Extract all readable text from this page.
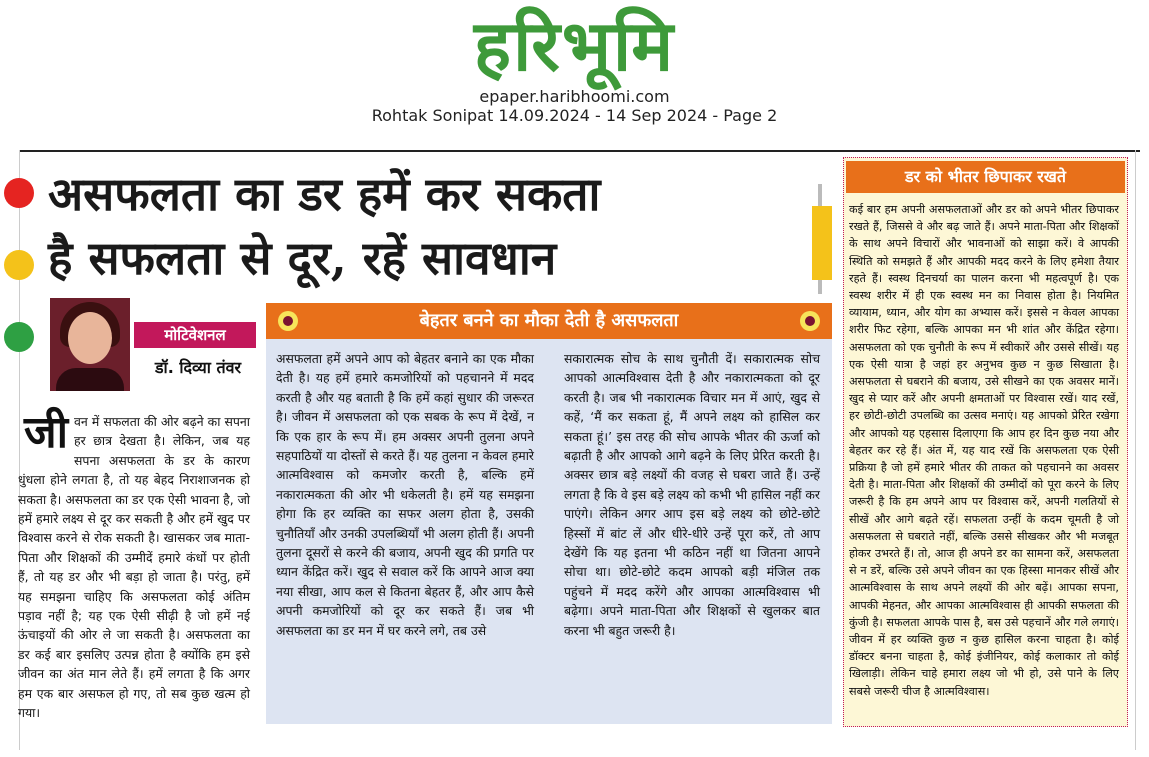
हरिभूमि
epaper.haribhoomi.com
Rohtak Sonipat 14.09.2024 - 14 Sep 2024 - Page 2
असफलता का डर हमें कर सकता
है सफलता से दूर, रहें सावधान
मोटिवेशनल
डॉ. दिव्या तंवर
जीवन में सफलता की ओर बढ़ने का सपना हर छात्र देखता है। लेकिन, जब यह सपना असफलता के डर के कारण धुंधला होने लगता है, तो यह बेहद निराशाजनक हो सकता है। असफलता का डर एक ऐसी भावना है, जो हमें हमारे लक्ष्य से दूर कर सकती है और हमें खुद पर विश्वास करने से रोक सकती है। खासकर जब माता-पिता और शिक्षकों की उम्मीदें हमारे कंधों पर होती हैं, तो यह डर और भी बड़ा हो जाता है। परंतु, हमें यह समझना चाहिए कि असफलता कोई अंतिम पड़ाव नहीं है; यह एक ऐसी सीढ़ी है जो हमें नई ऊंचाइयों की ओर ले जा सकती है। असफलता का डर कई बार इसलिए उत्पन्न होता है क्योंकि हम इसे जीवन का अंत मान लेते हैं। हमें लगता है कि अगर हम एक बार असफल हो गए, तो सब कुछ खत्म हो गया।
बेहतर बनने का मौका देती है असफलता
असफलता हमें अपने आप को बेहतर बनाने का एक मौका देती है। यह हमें हमारे कमजोरियों को पहचानने में मदद करती है और यह बताती है कि हमें कहां सुधार की जरूरत है। जीवन में असफलता को एक सबक के रूप में देखें, न कि एक हार के रूप में। हम अक्सर अपनी तुलना अपने सहपाठियों या दोस्तों से करते हैं। यह तुलना न केवल हमारे आत्मविश्वास को कमजोर करती है, बल्कि हमें नकारात्मकता की ओर भी धकेलती है। हमें यह समझना होगा कि हर व्यक्ति का सफर अलग होता है, उसकी चुनौतियाँ और उनकी उपलब्धियाँ भी अलग होती हैं। अपनी तुलना दूसरों से करने की बजाय, अपनी खुद की प्रगति पर ध्यान केंद्रित करें। खुद से सवाल करें कि आपने आज क्या नया सीखा, आप कल से कितना बेहतर हैं, और आप कैसे अपनी कमजोरियों को दूर कर सकते हैं। जब भी असफलता का डर मन में घर करने लगे, तब उसे
सकारात्मक सोच के साथ चुनौती दें। सकारात्मक सोच आपको आत्मविश्वास देती है और नकारात्मकता को दूर करती है। जब भी नकारात्मक विचार मन में आएं, खुद से कहें, ‘मैं कर सकता हूं, मैं अपने लक्ष्य को हासिल कर सकता हूं।’ इस तरह की सोच आपके भीतर की ऊर्जा को बढ़ाती है और आपको आगे बढ़ने के लिए प्रेरित करती है। अक्सर छात्र बड़े लक्ष्यों की वजह से घबरा जाते हैं। उन्हें लगता है कि वे इस बड़े लक्ष्य को कभी भी हासिल नहीं कर पाएंगे। लेकिन अगर आप इस बड़े लक्ष्य को छोटे-छोटे हिस्सों में बांट लें और धीरे-धीरे उन्हें पूरा करें, तो आप देखेंगे कि यह इतना भी कठिन नहीं था जितना आपने सोचा था। छोटे-छोटे कदम आपको बड़ी मंजिल तक पहुंचने में मदद करेंगे और आपका आत्मविश्वास भी बढ़ेगा। अपने माता-पिता और शिक्षकों से खुलकर बात करना भी बहुत जरूरी है।
डर को भीतर छिपाकर रखते
कई बार हम अपनी असफलताओं और डर को अपने भीतर छिपाकर रखते हैं, जिससे वे और बढ़ जाते हैं। अपने माता-पिता और शिक्षकों के साथ अपने विचारों और भावनाओं को साझा करें। वे आपकी स्थिति को समझते हैं और आपकी मदद करने के लिए हमेशा तैयार रहते हैं। स्वस्थ दिनचर्या का पालन करना भी महत्वपूर्ण है। एक स्वस्थ शरीर में ही एक स्वस्थ मन का निवास होता है। नियमित व्यायाम, ध्यान, और योग का अभ्यास करें। इससे न केवल आपका शरीर फिट रहेगा, बल्कि आपका मन भी शांत और केंद्रित रहेगा। असफलता को एक चुनौती के रूप में स्वीकारें और उससे सीखें। यह एक ऐसी यात्रा है जहां हर अनुभव कुछ न कुछ सिखाता है। असफलता से घबराने की बजाय, उसे सीखने का एक अवसर मानें। खुद से प्यार करें और अपनी क्षमताओं पर विश्वास रखें। याद रखें, हर छोटी-छोटी उपलब्धि का उत्सव मनाएं। यह आपको प्रेरित रखेगा और आपको यह एहसास दिलाएगा कि आप हर दिन कुछ नया और बेहतर कर रहे हैं। अंत में, यह याद रखें कि असफलता एक ऐसी प्रक्रिया है जो हमें हमारे भीतर की ताकत को पहचानने का अवसर देती है। माता-पिता और शिक्षकों की उम्मीदों को पूरा करने के लिए जरूरी है कि हम अपने आप पर विश्वास करें, अपनी गलतियों से सीखें और आगे बढ़ते रहें। सफलता उन्हीं के कदम चूमती है जो असफलता से घबराते नहीं, बल्कि उससे सीखकर और भी मजबूत होकर उभरते हैं। तो, आज ही अपने डर का सामना करें, असफलता से न डरें, बल्कि उसे अपने जीवन का एक हिस्सा मानकर सीखें और आत्मविश्वास के साथ अपने लक्ष्यों की ओर बढ़ें। आपका सपना, आपकी मेहनत, और आपका आत्मविश्वास ही आपकी सफलता की कुंजी है। सफलता आपके पास है, बस उसे पहचानें और गले लगाएं। जीवन में हर व्यक्ति कुछ न कुछ हासिल करना चाहता है। कोई डॉक्टर बनना चाहता है, कोई इंजीनियर, कोई कलाकार तो कोई खिलाड़ी। लेकिन चाहे हमारा लक्ष्य जो भी हो, उसे पाने के लिए सबसे जरूरी चीज है आत्मविश्वास।
